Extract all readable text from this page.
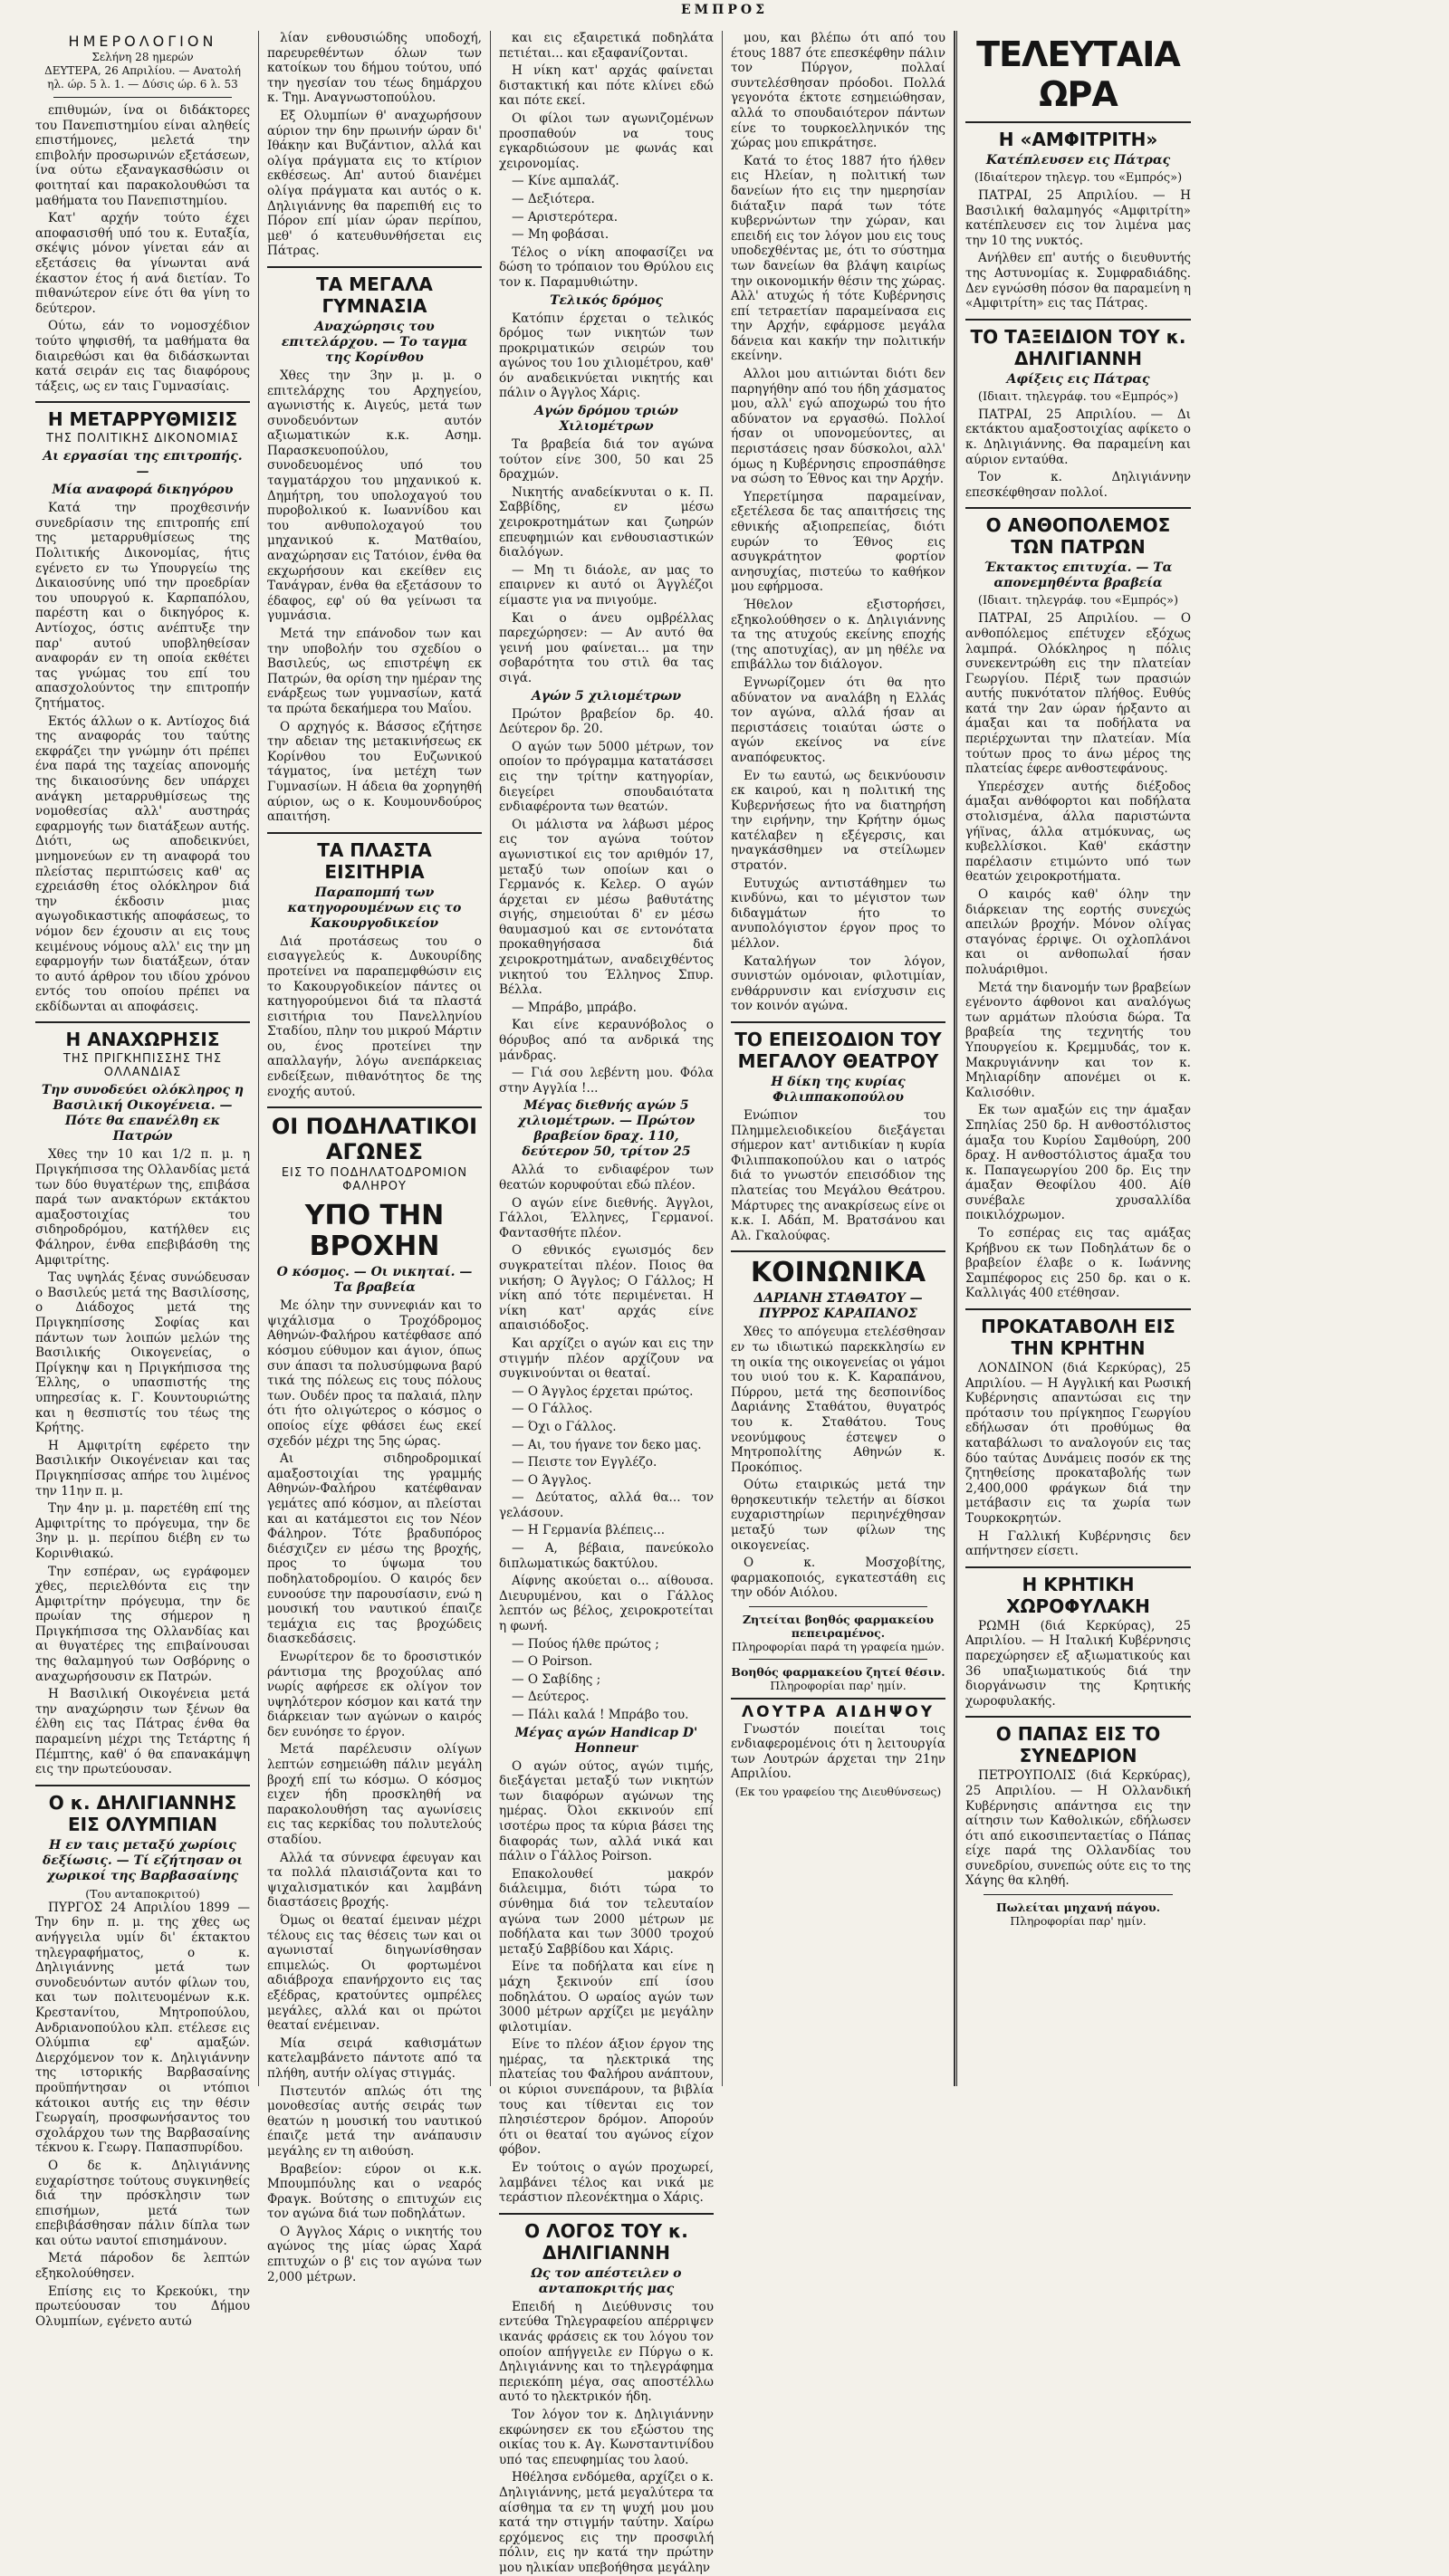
ΕΜΠΡΟΣ
ΗΜΕΡΟΛΟΓΙΟΝ
Σελήνη 28 ημερών
ΔΕΥΤΕΡΑ, 26 Απριλίου. — Ανατολή
ηλ. ώρ. 5 λ. 1. — Δύσις ώρ. 6 λ. 53

επιθυμών, ίνα οι διδάκτορες του Πανεπιστημίου είναι αληθείς επιστήμονες, μελετά την επιβολήν προσωρινών εξετάσεων, ίνα ούτω εξαναγκασθώσιν οι φοιτηταί και παρακολουθώσι τα μαθήματα του Πανεπιστημίου.

Κατ' αρχήν τούτο έχει αποφασισθή υπό του κ. Ευταξία, σκέψις μόνον γίνεται εάν αι εξετάσεις θα γίνωνται ανά έκαστον έτος ή ανά διετίαν. Το πιθανώτερον είνε ότι θα γίνη το δεύτερον.

Ούτω, εάν το νομοσχέδιον τούτο ψηφισθή, τα μαθήματα θα διαιρεθώσι και θα διδάσκωνται κατά σειράν εις τας διαφόρους τάξεις, ως εν ταις Γυμνασίαις.

Η ΜΕΤΑΡΡΥΘΜΙΣΙΣ
ΤΗΣ ΠΟΛΙΤΙΚΗΣ ΔΙΚΟΝΟΜΙΑΣ
Αι εργασίαι της επιτροπής. —
Μία αναφορά δικηγόρου

Κατά την προχθεσινήν συνεδρίασιν της επιτροπής επί της μεταρρυθμίσεως της Πολιτικής Δικονομίας, ήτις εγένετο εν τω Υπουργείω της Δικαιοσύνης υπό την προεδρίαν του υπουργού κ. Καρπαπόλου, παρέστη και ο δικηγόρος κ. Αντίοχος, όστις ανέπτυξε την παρ' αυτού υποβληθείσαν αναφοράν εν τη οποία εκθέτει τας γνώμας του επί του απασχολούντος την επιτροπήν ζητήματος.

Εκτός άλλων ο κ. Αντίοχος διά της αναφοράς του ταύτης εκφράζει την γνώμην ότι πρέπει ένα παρά της ταχείας απονομής της δικαιοσύνης δεν υπάρχει ανάγκη μεταρρυθμίσεως της νομοθεσίας αλλ' αυστηράς εφαρμογής των διατάξεων αυτής. Διότι, ως αποδεικνύει, μνημονεύων εν τη αναφορά του πλείστας περιπτώσεις καθ' ας εχρειάσθη έτος ολόκληρον διά την έκδοσιν μιας αγωγοδικαστικής αποφάσεως, το νόμον δεν έχουσιν αι εις τους κειμένους νόμους αλλ' εις την μη εφαρμογήν των διατάξεων, όταν το αυτό άρθρον του ιδίου χρόνου εντός του οποίου πρέπει να εκδίδωνται αι αποφάσεις.

Η ΑΝΑΧΩΡΗΣΙΣ
ΤΗΣ ΠΡΙΓΚΗΠΙΣΣΗΣ ΤΗΣ ΟΛΛΑΝΔΙΑΣ
Την συνοδεύει ολόκληρος η Βασιλική Οικογένεια. — Πότε θα επανέλθη εκ Πατρών

Χθες την 10 και 1/2 π. μ. η Πριγκήπισσα της Ολλανδίας μετά των δύο θυγατέρων της, επιβάσα παρά των ανακτόρων εκτάκτου αμαξοστοιχίας του σιδηροδρόμου, κατήλθεν εις Φάληρον, ένθα επεβιβάσθη της Αμφιτρίτης.

Τας υψηλάς ξένας συνώδευσαν ο Βασιλεύς μετά της Βασιλίσσης, ο Διάδοχος μετά της Πριγκηπίσσης Σοφίας και πάντων των λοιπών μελών της Βασιλικής Οικογενείας, ο Πρίγκηψ και η Πριγκήπισσα της Έλλης, ο υπασπιστής της υπηρεσίας κ. Γ. Κουντουριώτης και η θεσπιστίς του τέως της Κρήτης.

Η Αμφιτρίτη εφέρετο την Βασιλικήν Οικογένειαν και τας Πριγκηπίσσας απήρε του λιμένος την 11ην π. μ.

Την 4ην μ. μ. παρετέθη επί της Αμφιτρίτης το πρόγευμα, την δε 3ην μ. μ. περίπου διέβη εν τω Κορινθιακώ.

Την εσπέραν, ως εγράφομεν χθες, περιελθόντα εις την Αμφιτρίτην πρόγευμα, την δε πρωίαν της σήμερον η Πριγκήπισσα της Ολλανδίας και αι θυγατέρες της επιβαίνουσαι της θαλαμηγού των Οσβόρνης ο αναχωρήσουσιν εκ Πατρών.

Η Βασιλική Οικογένεια μετά την αναχώρησιν των ξένων θα έλθη εις τας Πάτρας ένθα θα παραμείνη μέχρι της Τετάρτης ή Πέμπτης, καθ' ό θα επανακάμψη εις την πρωτεύουσαν.

Ο κ. ΔΗΛΙΓΙΑΝΝΗΣ ΕΙΣ ΟΛΥΜΠΙΑΝ
Η εν ταις μεταξύ χωρίοις δεξίωσις. — Τί εζήτησαν οι χωρικοί της Βαρβασαίνης
(Του ανταποκριτού)

ΠΥΡΓΟΣ 24 Απριλίου 1899 — Την 6ην π. μ. της χθες ως ανήγγειλα υμίν δι' έκτακτου τηλεγραφήματος, ο κ. Δηλιγιάννης μετά των συνοδευόντων αυτόν φίλων του, και των πολιτευομένων κ.κ. Κρεστανίτου, Μητροπούλου, Ανδριανοπούλου κλπ. ετέλεσε εις Ολύμπια εφ' αμαξών. Διερχόμενον τον κ. Δηλιγιάννην της ιστορικής Βαρβασαίνης προϋπήντησαν οι ντόπιοι κάτοικοι αυτής εις την θέσιν Γεωργαίη, προσφωνήσαντος του σχολάρχου των της Βαρβασαίνης τέκνου κ. Γεωργ. Παπασπυρίδου.

Ο δε κ. Δηλιγιάννης ευχαρίστησε τούτους συγκινηθείς διά την πρόσκλησιν των επισήμων, μετά των επεβιβάσθησαν πάλιν δίπλα των και ούτω ναυτοί επισημάνουν.

Μετά πάροδον δε λεπτών εξηκολούθησεν.

Επίσης εις το Κρεκούκι, την πρωτεύουσαν του Δήμου Ολυμπίων, εγένετο αυτώ

λίαν ενθουσιώδης υποδοχή, παρευρεθέντων όλων των κατοίκων του δήμου τούτου, υπό την ηγεσίαν του τέως δημάρχου κ. Τημ. Αναγνωστοπούλου.

Εξ Ολυμπίων θ' αναχωρήσουν αύριον την 6ην πρωινήν ώραν δι' Ιθάκην και Βυζάντιον, αλλά και ολίγα πράγματα εις το κτίριον εκθέσεως. Απ' αυτού διανέμει ολίγα πράγματα και αυτός ο κ. Δηλιγιάννης θα παρεπιθή εις το Πόρον επί μίαν ώραν περίπου, μεθ' ό κατευθυνθήσεται εις Πάτρας.

ΤΑ ΜΕΓΑΛΑ ΓΥΜΝΑΣΙΑ
Αναχώρησις του επιτελάρχου. — Το ταγμα της Κορίνθου

Χθες την 3ην μ. μ. ο επιτελάρχης του Αρχηγείου, αγωνιστής κ. Αιγεύς, μετά των συνοδευόντων αυτόν αξιωματικών κ.κ. Ασημ. Παρασκευοπούλου, συνοδευομένος υπό του ταγματάρχου του μηχανικού κ. Δημήτρη, του υπολοχαγού του πυροβολικού κ. Ιωαννίδου και του ανθυπολοχαγού του μηχανικού κ. Ματθαίου, αναχώρησαν εις Τατόιον, ένθα θα εκχωρήσουν και εκείθεν εις Τανάγραν, ένθα θα εξετάσουν το έδαφος, εφ' ού θα γείνωσι τα γυμνάσια.

Μετά την επάνοδον των και την υποβολήν του σχεδίου ο Βασιλεύς, ως επιστρέψη εκ Πατρών, θα ορίση την ημέραν της ενάρξεως των γυμνασίων, κατά τα πρώτα δεκαήμερα του Μαΐου.

Ο αρχηγός κ. Βάσσος εζήτησε την αδειαν της μετακινήσεως εκ Κορίνθου του Ευζωνικού τάγματος, ίνα μετέχη των Γυμνασίων. Η άδεια θα χορηγηθή αύριον, ως ο κ. Κουμουνδούρος απαιτήση.

ΤΑ ΠΛΑΣΤΑ ΕΙΣΙΤΗΡΙΑ
Παραπομπή των κατηγορουμένων εις το Κακουργοδικείον

Διά προτάσεως του ο εισαγγελεύς κ. Δυκουρίδης προτείνει να παραπεμφθώσιν εις το Κακουργοδικείον πάντες οι κατηγορούμενοι διά τα πλαστά εισιτήρια του Πανελληνίου Σταδίου, πλην του μικρού Μάρτιν ου, ένος προτείνει την απαλλαγήν, λόγω ανεπάρκειας ενδείξεων, πιθανότητος δε της ενοχής αυτού.

ΟΙ ΠΟΔΗΛΑΤΙΚΟΙ ΑΓΩΝΕΣ
ΕΙΣ ΤΟ ΠΟΔΗΛΑΤΟΔΡΟΜΙΟΝ ΦΑΛΗΡΟΥ
ΥΠΟ ΤΗΝ ΒΡΟΧΗΝ
Ο κόσμος. — Οι νικηταί. — Τα βραβεία

Με όλην την συννεφιάν και το ψιχάλισμα ο Τροχόδρομος Αθηνών-Φαλήρου κατέφθασε από κόσμου εύθυμον και άγιον, όπως συν άπασι τα πολυσύμφωνα βαρύ τικά της πόλεως εις τους πόλους των. Ουδέν προς τα παλαιά, πλην ότι ήτο ολιγώτερος ο κόσμος ο οποίος είχε φθάσει έως εκεί σχεδόν μέχρι της 5ης ώρας.

Αι σιδηροδρομικαί αμαξοστοιχίαι της γραμμής Αθηνών-Φαλήρου κατέφθαναν γεμάτες από κόσμον, αι πλείσται και αι κατάμεστοι εις τον Νέον Φάληρον. Τότε βραδυπόρος διέσχιζεν εν μέσω της βροχής, προς το ύψωμα του ποδηλατοδρομίου. Ο καιρός δεν ευνοούσε την παρουσίασιν, ενώ η μουσική του ναυτικού έπαιζε τεμάχια εις τας βροχώδεις διασκεδάσεις.

Ενωρίτερον δε το δροσιστικόν ράντισμα της βροχούλας από νωρίς αφήρεσε εκ ολίγον τον υψηλότερον κόσμον και κατά την διάρκειαν των αγώνων ο καιρός δεν ευνόησε το έργον.

Μετά παρέλευσιν ολίγων λεπτών εσημειώθη πάλιν μεγάλη βροχή επί τω κόσμω. Ο κόσμος ειχεν ήδη προσκληθή να παρακολουθήση τας αγωνίσεις εις τας κερκίδας του πολυτελούς σταδίου.

Αλλά τα σύννεφα έφευγαν και τα πολλά πλαισιάζοντα και το ψιχαλισματικόν και λαμβάνη διαστάσεις βροχής.

Όμως οι θεαταί έμειναν μέχρι τέλους εις τας θέσεις των και οι αγωνισταί διηγωνίσθησαν επιμελώς. Οι φορτωμένοι αδιάβροχα επανήρχοντο εις τας εξέδρας, κρατούντες ομπρέλες μεγάλες, αλλά και οι πρώτοι θεαταί ενέμειναν.

Μία σειρά καθισμάτων κατελαμβάνετο πάντοτε από τα πλήθη, αυτήν ολίγας στιγμάς.

Πιστευτόν απλώς ότι της μονοθεσίας αυτής σειράς των θεατών η μουσική του ναυτικού έπαιζε μετά την ανάπαυσιν μεγάλης εν τη αιθούση.

Βραβείον: εύρον οι κ.κ. Μπουμπόυλης και ο νεαρός Φραγκ. Βούτσης ο επιτυχών εις τον αγώνα διά των ποδηλάτων.

Ο Άγγλος Χάρις ο νικητής του αγώνος της μίας ώρας Χαρά επιτυχών ο β' εις τον αγώνα των 2,000 μέτρων.

και εις εξαιρετικά ποδηλάτα πετιέται... και εξαφανίζονται.

Η νίκη κατ' αρχάς φαίνεται διστακτική και πότε κλίνει εδώ και πότε εκεί.

Οι φίλοι των αγωνιζομένων προσπαθούν να τους εγκαρδιώσουν με φωνάς και χειρονομίας.

— Κίνε αμπαλάζ.

— Δεξιότερα.

— Αριστερότερα.

— Μη φοβάσαι.

Τέλος ο νίκη αποφασίζει να δώση το τρόπαιον του Θρύλου εις τον κ. Παραμυθιώτην.

Τελικός δρόμος

Κατόπιν έρχεται ο τελικός δρόμος των νικητών των προκριματικών σειρών του αγώνος του 1ου χιλιομέτρου, καθ' όν αναδεικνύεται νικητής και πάλιν ο Άγγλος Χάρις.

Αγών δρόμου τριών Χιλιομέτρων

Τα βραβεία διά τον αγώνα τούτον είνε 300, 50 και 25 δραχμών.

Νικητής αναδείκνυται ο κ. Π. Σαββίδης, εν μέσω χειροκροτημάτων και ζωηρών επευφημιών και ενθουσιαστικών διαλόγων.

— Μη τι διάολε, αν μας το επαιρνεν κι αυτό οι Άγγλέζοι είμαστε για να πνιγούμε.

Και ο άνευ ομβρέλλας παρεχώρησεν: — Αν αυτό θα γεινή μου φαίνεται... μα την σοβαρότητα του στιλ θα τας σιγά.

Αγών 5 χιλιομέτρων

Πρώτον βραβείον δρ. 40. Δεύτερον δρ. 20.

Ο αγών των 5000 μέτρων, τον οποίον το πρόγραμμα κατατάσσει εις την τρίτην κατηγορίαν, διεγείρει σπουδαιότατα ενδιαφέροντα των θεατών.

Οι μάλιστα να λάβωσι μέρος εις τον αγώνα τούτον αγωνιστικοί εις τον αριθμόν 17, μεταξύ των οποίων και ο Γερμανός κ. Κελερ. Ο αγών άρχεται εν μέσω βαθυτάτης σιγής, σημειούται δ' εν μέσω θαυμασμού και σε εντονότατα προκαθηγήσασα διά χειροκροτημάτων, αναδειχθέντος νικητού του Έλληνος Σπυρ. Βέλλα.

— Μπράβο, μπράβο.

Και είνε κεραυνόβολος ο θόρυβος από τα ανδρικά της μάνδρας.

— Γιά σου λεβέντη μου. Φόλα στην Αγγλία !...

Μέγας διεθνής αγών 5 χιλιομέτρων. — Πρώτον βραβείον δραχ. 110, δεύτερον 50, τρίτον 25

Αλλά το ενδιαφέρον των θεατών κορυφούται εδώ πλέον.

Ο αγών είνε διεθνής. Άγγλοι, Γάλλοι, Έλληνες, Γερμανοί. Φαντασθήτε πλέον.

Ο εθνικός εγωισμός δεν συγκρατείται πλέον. Ποιος θα νικήση; Ο Άγγλος; Ο Γάλλος; Η νίκη από τότε περιμένεται. Η νίκη κατ' αρχάς είνε απαισιόδοξος.

Και αρχίζει ο αγών και εις την στιγμήν πλέον αρχίζουν να συγκινούνται οι θεαταί.

— Ο Άγγλος έρχεται πρώτος.

— Ο Γάλλος.

— Όχι ο Γάλλος.

— Αι, του ήγανε τον δεκο μας.

— Πειστε τον Εγγλέζο.

— Ο Άγγλος.

— Δεύτατος, αλλά θα... τον γελάσουν.

— Η Γερμανία βλέπεις...

— Α, βέβαια, πανεύκολο διπλωματικώς δακτύλου.

Αίφνης ακούεται ο... αίθουσα. Διευρυμένου, και ο Γάλλος λεπτόν ως βέλος, χειροκροτείται η φωνή.

— Πούος ήλθε πρώτος ;

— Ο Poirson.

— Ο Σαβίδης ;

— Δεύτερος.

— Πάλι καλά ! Μπράβο του.

Μέγας αγών Handicap D' Honneur

Ο αγών ούτος, αγών τιμής, διεξάγεται μεταξύ των νικητών των διαφόρων αγώνων της ημέρας. Όλοι εκκινούν επί ισοτέρω προς τα κύρια βάσει της διαφοράς των, αλλά νικά και πάλιν ο Γάλλος Poirson.

Επακολουθεί μακρόν διάλειμμα, διότι τώρα το σύνθημα διά τον τελευταίον αγώνα των 2000 μέτρων με ποδήλατα και των 3000 τροχού μεταξύ Σαββίδου και Χάρις.

Είνε τα ποδήλατα και είνε η μάχη ξεκινούν επί ίσου ποδηλάτου. Ο ωραίος αγών των 3000 μέτρων αρχίζει με μεγάλην φιλοτιμίαν.

Είνε το πλέον άξιον έργον της ημέρας, τα ηλεκτρικά της πλατείας του Φαλήρου ανάπτουν, οι κύριοι συνεπάρουν, τα βιβλία τους και τίθενται εις τον πλησιέστερον δρόμον. Απορούν ότι οι θεαταί του αγώνος είχον φόβον.

Εν τούτοις ο αγών προχωρεί, λαμβάνει τέλος και νικά με τεράστιον πλεονέκτημα ο Χάρις.

Ο ΛΟΓΟΣ ΤΟΥ κ. ΔΗΛΙΓΙΑΝΝΗ
Ως τον απέστειλεν ο ανταποκριτής μας

Επειδή η Διεύθυνσις του εντεύθα Τηλεγραφείου απέρριψεν ικανάς φράσεις εκ του λόγου τον οποίον απήγγειλε εν Πύργω ο κ. Δηλιγιάννης και το τηλεγράφημα περιεκόπη μέγα, σας αποστέλλω αυτό το ηλεκτρικόν ήδη.

Τον λόγον τον κ. Δηλιγιάννην εκφώνησεν εκ του εξώστου της οικίας του κ. Αγ. Κωνσταντινίδου υπό τας επευφημίας του λαού.

Ηθέλησα ενδόμεθα, αρχίζει ο κ. Δηλιγιάννης, μετά μεγαλύτερα τα αίσθημα τα εν τη ψυχή μου μου κατά την στιγμήν ταύτην. Χαίρω ερχόμενος εις την προσφιλή πόλιν, εις ην κατά την πρώτην μου ηλικίαν υπεβοήθησα μεγάλην

μου, και βλέπω ότι από του έτους 1887 ότε επεσκέφθην πάλιν τον Πύργον, πολλαί συντελέσθησαν πρόοδοι. Πολλά γεγονότα έκτοτε εσημειώθησαν, αλλά το σπουδαιότερον πάντων είνε το τουρκοελληνικόν της χώρας μου επικράτησε.

Κατά το έτος 1887 ήτο ήλθεν εις Ηλείαν, η πολιτική των δανείων ήτο εις την ημερησίαν διάταξιν παρά των τότε κυβερνώντων την χώραν, και επειδή εις τον λόγον μου εις τους υποδεχθέντας με, ότι το σύστημα των δανείων θα βλάψη καιρίως την οικονομικήν θέσιν της χώρας. Αλλ' ατυχώς ή τότε Κυβέρνησις επί τετραετίαν παραμείνασα εις την Αρχήν, εφάρμοσε μεγάλα δάνεια και κακήν την πολιτικήν εκείνην.

Αλλοι μου αιτιώνται διότι δεν παρηγήθην από του ήδη χάσματος μου, αλλ' εγώ αποχωρώ του ήτο αδύνατον να εργασθώ. Πολλοί ήσαν οι υπονομεύοντες, αι περιστάσεις ησαν δύσκολοι, αλλ' όμως η Κυβέρνησις επροσπάθησε να σώση το Έθνος και την Αρχήν.

Υπερετίμησα παραμείναν, εξετέλεσα δε τας απαιτήσεις της εθνικής αξιοπρεπείας, διότι ευρών το Έθνος εις ασυγκράτητον φορτίον ανησυχίας, πιστεύω το καθήκον μου εφήρμοσα.

Ήθελον εξιστορήσει, εξηκολούθησεν ο κ. Δηλιγιάννης τα της ατυχούς εκείνης εποχής (της αποτυχίας), αν μη ηθέλε να επιβάλλω τον διάλογον.

Εγνωρίζομεν ότι θα ητο αδύνατον να αναλάβη η Ελλάς τον αγώνα, αλλά ήσαν αι περιστάσεις τοιαύται ώστε ο αγών εκείνος να είνε αναπόφευκτος.

Εν τω εαυτώ, ως δεικνύουσιν εκ καιρού, και η πολιτική της Κυβερνήσεως ήτο να διατηρήση την ειρήνην, την Κρήτην όμως κατέλαβεν η εξέγερσις, και ηναγκάσθημεν να στείλωμεν στρατόν.

Ευτυχώς αντιστάθημεν τω κινδύνω, και το μέγιστον των διδαγμάτων ήτο το ανυπολόγιστον έργον προς το μέλλον.

Καταλήγων τον λόγον, συνιστών ομόνοιαν, φιλοτιμίαν, ενθάρρυνσιν και ενίσχυσιν εις τον κοινόν αγώνα.

ΤΟ ΕΠΕΙΣΟΔΙΟΝ ΤΟΥ ΜΕΓΑΛΟΥ ΘΕΑΤΡΟΥ
Η δίκη της κυρίας Φιλιππακοπούλου

Ενώπιον του Πλημμελειοδικείου διεξάγεται σήμερον κατ' αντιδικίαν η κυρία Φιλιππακοπούλου και ο ιατρός διά το γνωστόν επεισόδιον της πλατείας του Μεγάλου Θεάτρου. Μάρτυρες της ανακρίσεως είνε οι κ.κ. Ι. Αδάπ, Μ. Βρατσάνου και Αλ. Γκαλούφας.

ΚΟΙΝΩΝΙΚΑ
ΔΑΡΙΑΝΗ ΣΤΑΘΑΤΟΥ — ΠΥΡΡΟΣ ΚΑΡΑΠΑΝΟΣ

Χθες το απόγευμα ετελέσθησαν εν τω ιδιωτικώ παρεκκλησίω εν τη οικία της οικογενείας οι γάμοι του υιού του κ. Κ. Καραπάνου, Πύρρου, μετά της δεσποινίδος Δαριάνης Σταθάτου, θυγατρός του κ. Σταθάτου. Τους νεονύμφους έστεψεν ο Μητροπολίτης Αθηνών κ. Προκόπιος.

Ούτω εταιρικώς μετά την θρησκευτικήν τελετήν αι δίσκοι ευχαριστηρίων περιηνέχθησαν μεταξύ των φίλων της οικογενείας.

Ο κ. Μοσχοβίτης, φαρμακοποιός, εγκατεστάθη εις την οδόν Αιόλου.

Ζητείται βοηθός φαρμακείου πεπειραμένος.
Πληροφορίαι παρά τη γραφεία ημών.
Βοηθός φαρμακείου ζητεί θέσιν.
Πληροφορίαι παρ' ημίν.
ΛΟΥΤΡΑ ΑΙΔΗΨΟΥ

Γνωστόν ποιείται τοις ενδιαφερομένοις ότι η λειτουργία των Λουτρών άρχεται την 21ην Απριλίου.

(Εκ του γραφείου της Διευθύνσεως)
ΤΕΛΕΥΤΑΙΑ ΩΡΑ
Η «ΑΜΦΙΤΡΙΤΗ»
Κατέπλευσεν εις Πάτρας
(Ιδιαίτερον τηλεγρ. του «Εμπρός»)

ΠΑΤΡΑΙ, 25 Απριλίου. — Η Βασιλική θαλαμηγός «Αμφιτρίτη» κατέπλευσεν εις τον λιμένα μας την 10 της νυκτός.

Ανήλθεν επ' αυτής ο διευθυντής της Αστυνομίας κ. Συμφραδιάδης. Δεν εγνώσθη πόσον θα παραμείνη η «Αμφιτρίτη» εις τας Πάτρας.

ΤΟ ΤΑΞΕΙΔΙΟΝ ΤΟΥ κ. ΔΗΛΙΓΙΑΝΝΗ
Αφίξεις εις Πάτρας
(Ιδιαιτ. τηλεγράφ. του «Εμπρός»)

ΠΑΤΡΑΙ, 25 Απριλίου. — Δι εκτάκτου αμαξοστοιχίας αφίκετο ο κ. Δηλιγιάννης. Θα παραμείνη και αύριον ενταύθα.

Τον κ. Δηλιγιάννην επεσκέφθησαν πολλοί.

Ο ΑΝΘΟΠΟΛΕΜΟΣ ΤΩΝ ΠΑΤΡΩΝ
Έκτακτος επιτυχία. — Τα απονεμηθέντα βραβεία
(Ιδιαιτ. τηλεγράφ. του «Εμπρός»)

ΠΑΤΡΑΙ, 25 Απριλίου. — Ο ανθοπόλεμος επέτυχεν εξόχως λαμπρά. Ολόκληρος η πόλις συνεκεντρώθη εις την πλατείαν Γεωργίου. Πέριξ των πρασιών αυτής πυκνότατον πλήθος. Ευθύς κατά την 2αν ώραν ήρξαντο αι άμαξαι και τα ποδήλατα να περιέρχωνται την πλατείαν. Μία τούτων προς το άνω μέρος της πλατείας έφερε ανθοστεφάνους.

Υπερέσχεν αυτής διέξοδος άμαξαι ανθόφορτοι και ποδήλατα στολισμένα, άλλα παριστώντα γήϊνας, άλλα ατμόκυνας, ως κυβελλίσκοι. Καθ' εκάστην παρέλασιν ετιμώντο υπό των θεατών χειροκροτήματα.

Ο καιρός καθ' όλην την διάρκειαν της εορτής συνεχώς απειλών βροχήν. Μόνον ολίγας σταγόνας έρριψε. Οι οχλοπλάνοι και οι ανθοπωλαί ήσαν πολυάριθμοι.

Μετά την διανομήν των βραβείων εγένοντο άφθονοι και αναλόγως των αρμάτων πλούσια δώρα. Τα βραβεία της τεχνητής του Υπουργείου κ. Κρεμμυδάς, τον κ. Μακρυγιάννην και τον κ. Μηλιαρίδην απονέμει οι κ. Καλισόθιν.

Εκ των αμαξών εις την άμαξαν Σπηλίας 250 δρ. Η ανθοστόλιστος άμαξα του Κυρίου Σαμθούρη, 200 δραχ. Η ανθοστόλιστος άμαξα του κ. Παπαγεωργίου 200 δρ. Εις την άμαξαν Θεοφίλου 400. Αίθ συνέβαλε χρυσαλλίδα ποικιλόχρωμον.

Το εσπέρας εις τας αμάξας Κρήβνου εκ των Ποδηλάτων δε ο βραβείον έλαβε ο κ. Ιωάννης Σαμπέφορος εις 250 δρ. και ο κ. Καλλιγάς 400 ετέθησαν.

ΠΡΟΚΑΤΑΒΟΛΗ ΕΙΣ ΤΗΝ ΚΡΗΤΗΝ

ΛΟΝΔΙΝΟΝ (διά Κερκύρας), 25 Απριλίου. — Η Αγγλική και Ρωσική Κυβέρνησις απαντώσαι εις την πρότασιν του πρίγκηπος Γεωργίου εδήλωσαν ότι προθύμως θα καταβάλωσι το αναλογούν εις τας δύο ταύτας Δυνάμεις ποσόν εκ της ζητηθείσης προκαταβολής των 2,400,000 φράγκων διά την μετάβασιν εις τα χωρία των Τουρκοκρητών.

Η Γαλλική Κυβέρνησις δεν απήντησεν είσετι.

Η ΚΡΗΤΙΚΗ ΧΩΡΟΦΥΛΑΚΗ

ΡΩΜΗ (διά Κερκύρας), 25 Απριλίου. — Η Ιταλική Κυβέρνησις παρεχώρησεν εξ αξιωματικούς και 36 υπαξιωματικούς διά την διοργάνωσιν της Κρητικής χωροφυλακής.

Ο ΠΑΠΑΣ ΕΙΣ ΤΟ ΣΥΝΕΔΡΙΟΝ

ΠΕΤΡΟΥΠΟΛΙΣ (διά Κερκύρας), 25 Απριλίου. — Η Ολλανδική Κυβέρνησις απάντησα εις την αίτησιν των Καθολικών, εδήλωσεν ότι από εικοσιπενταετίας ο Πάπας είχε παρά της Ολλανδίας του συνεδρίου, συνεπώς ούτε εις το της Χάγης θα κληθή.

Πωλείται μηχανή πάγου.
Πληροφορίαι παρ' ημίν.
